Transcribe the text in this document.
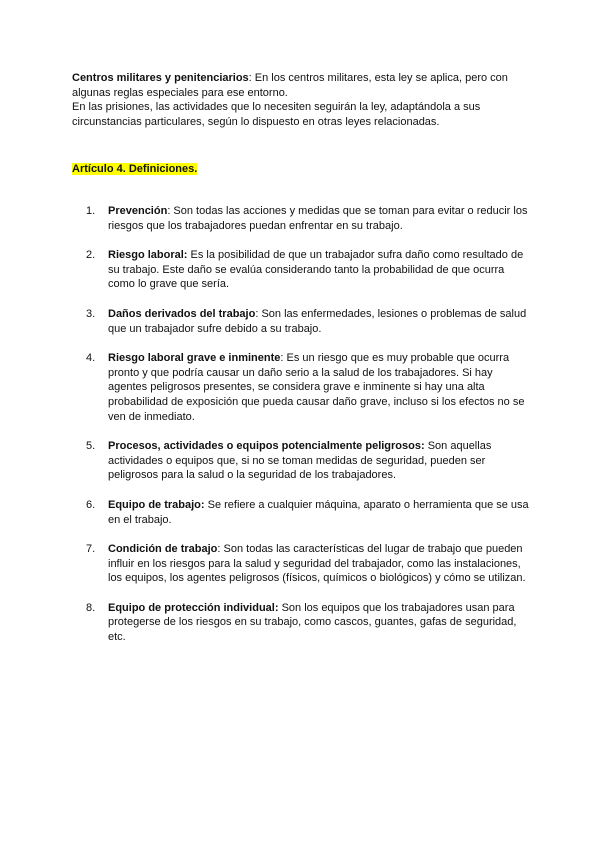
Centros militares y penitenciarios: En los centros militares, esta ley se aplica, pero con algunas reglas especiales para ese entorno.

En las prisiones, las actividades que lo necesiten seguirán la ley, adaptándola a sus circunstancias particulares, según lo dispuesto en otras leyes relacionadas.

Artículo 4. Definiciones.

1. Prevención: Son todas las acciones y medidas que se toman para evitar o reducir los riesgos que los trabajadores puedan enfrentar en su trabajo.
2. Riesgo laboral: Es la posibilidad de que un trabajador sufra daño como resultado de su trabajo. Este daño se evalúa considerando tanto la probabilidad de que ocurra como lo grave que sería.
3. Daños derivados del trabajo: Son las enfermedades, lesiones o problemas de salud que un trabajador sufre debido a su trabajo.
4. Riesgo laboral grave e inminente: Es un riesgo que es muy probable que ocurra pronto y que podría causar un daño serio a la salud de los trabajadores. Si hay agentes peligrosos presentes, se considera grave e inminente si hay una alta probabilidad de exposición que pueda causar daño grave, incluso si los efectos no se ven de inmediato.
5. Procesos, actividades o equipos potencialmente peligrosos: Son aquellas actividades o equipos que, si no se toman medidas de seguridad, pueden ser peligrosos para la salud o la seguridad de los trabajadores.
6. Equipo de trabajo: Se refiere a cualquier máquina, aparato o herramienta que se usa en el trabajo.
7. Condición de trabajo: Son todas las características del lugar de trabajo que pueden influir en los riesgos para la salud y seguridad del trabajador, como las instalaciones, los equipos, los agentes peligrosos (físicos, químicos o biológicos) y cómo se utilizan.
8. Equipo de protección individual: Son los equipos que los trabajadores usan para protegerse de los riesgos en su trabajo, como cascos, guantes, gafas de seguridad, etc.
